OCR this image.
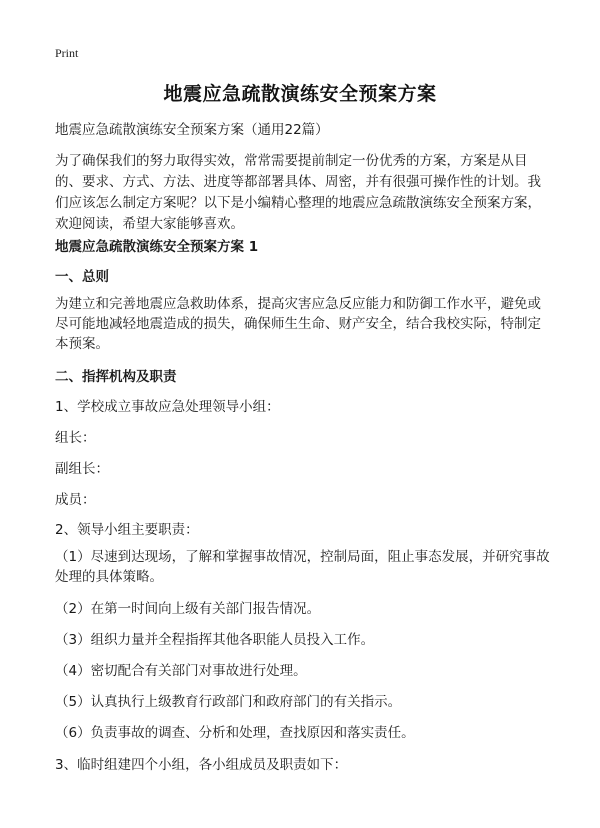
Print
地震应急疏散演练安全预案方案
地震应急疏散演练安全预案方案（通用22篇）
为了确保我们的努力取得实效，常常需要提前制定一份优秀的方案，方案是从目的、要求、方式、方法、进度等都部署具体、周密，并有很强可操作性的计划。我们应该怎么制定方案呢？以下是小编精心整理的地震应急疏散演练安全预案方案，欢迎阅读，希望大家能够喜欢。
地震应急疏散演练安全预案方案 1
一、总则
为建立和完善地震应急救助体系，提高灾害应急反应能力和防御工作水平，避免或尽可能地减轻地震造成的损失，确保师生生命、财产安全，结合我校实际，特制定本预案。
二、指挥机构及职责
1、学校成立事故应急处理领导小组：
组长：
副组长：
成员：
2、领导小组主要职责：
（1）尽速到达现场，了解和掌握事故情况，控制局面，阻止事态发展，并研究事故处理的具体策略。
（2）在第一时间向上级有关部门报告情况。
（3）组织力量并全程指挥其他各职能人员投入工作。
（4）密切配合有关部门对事故进行处理。
（5）认真执行上级教育行政部门和政府部门的有关指示。
（6）负责事故的调查、分析和处理，查找原因和落实责任。
3、临时组建四个小组，各小组成员及职责如下：
